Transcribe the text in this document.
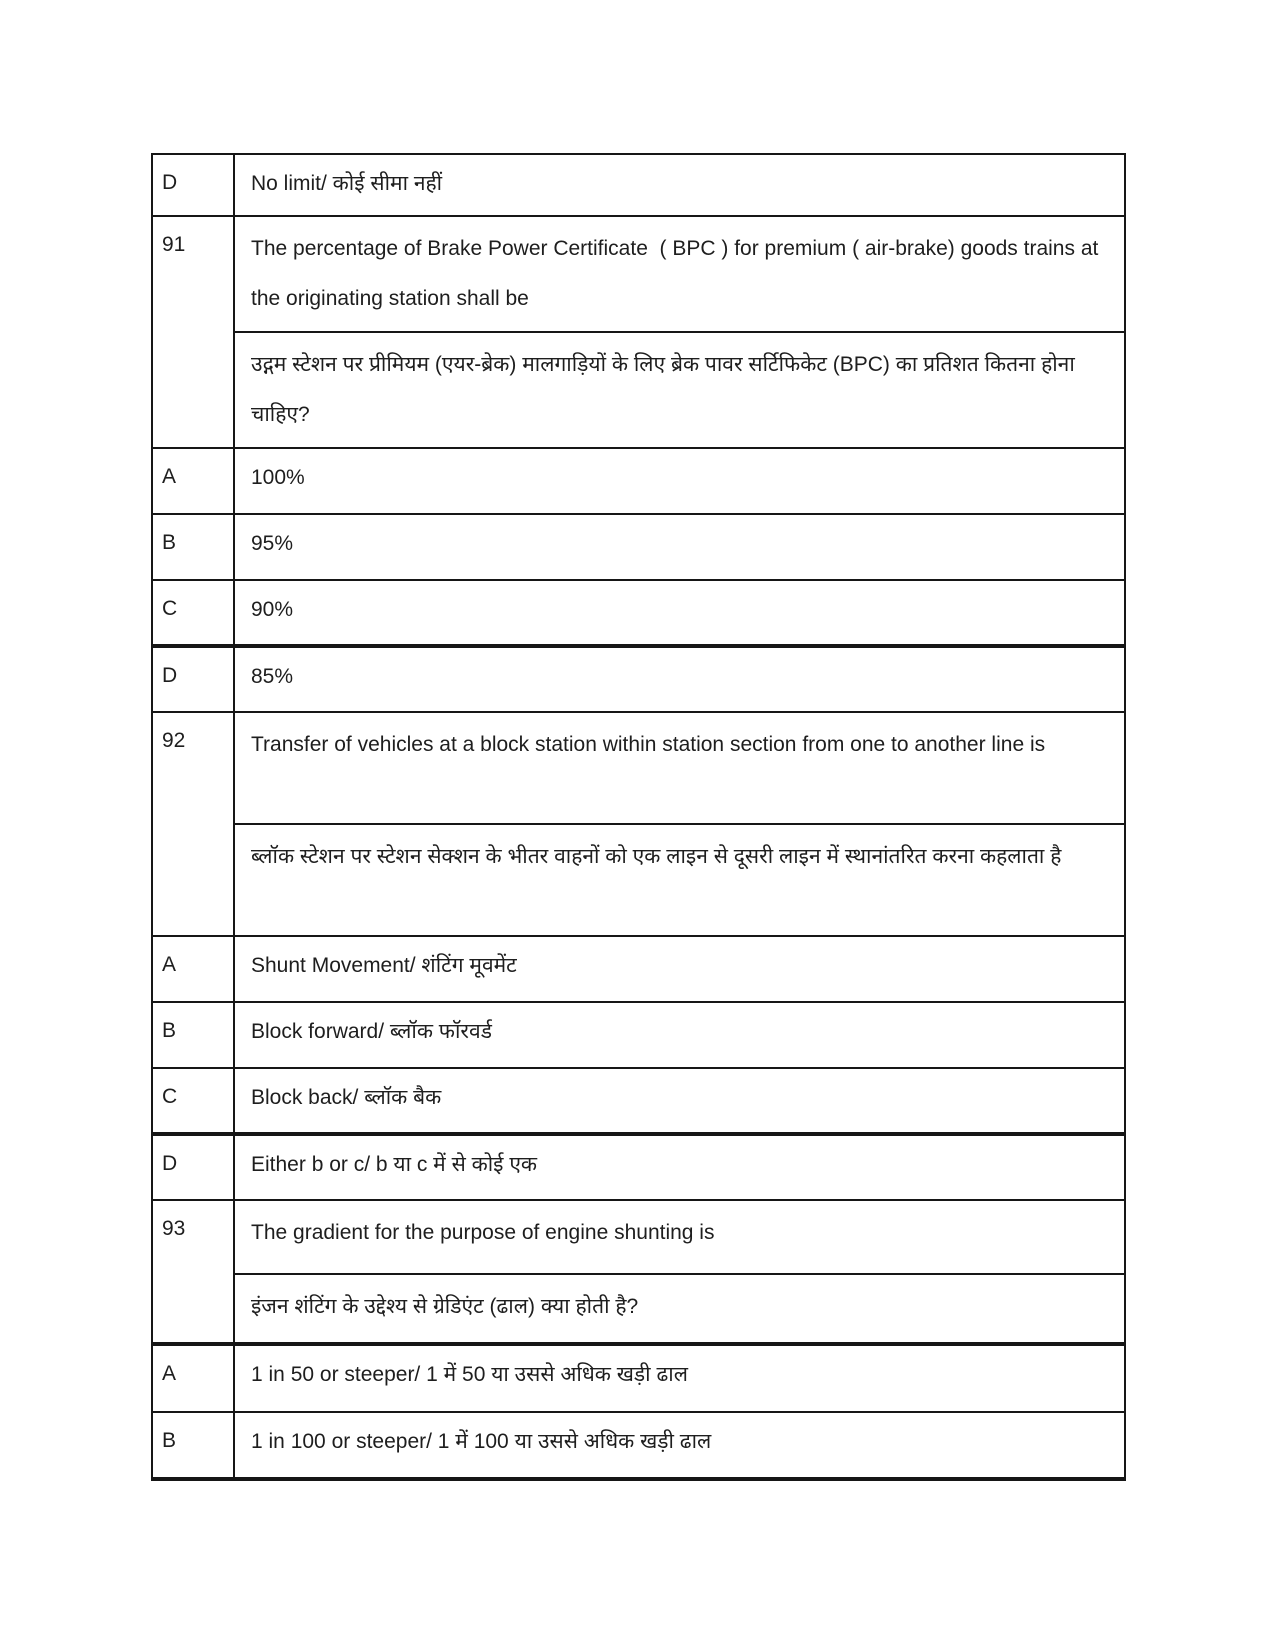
D	No limit/ कोई सीमा नहीं
91	The percentage of Brake Power Certificate  ( BPC ) for premium ( air-brake) goods trains at the originating station shall be
	उद्गम स्टेशन पर प्रीमियम (एयर-ब्रेक) मालगाड़ियों के लिए ब्रेक पावर सर्टिफिकेट (BPC) का प्रतिशत कितना होना चाहिए?
A	100%
B	95%
C	90%
D	85%
92	Transfer of vehicles at a block station within station section from one to another line is
	ब्लॉक स्टेशन पर स्टेशन सेक्शन के भीतर वाहनों को एक लाइन से दूसरी लाइन में स्थानांतरित करना कहलाता है
A	Shunt Movement/ शंटिंग मूवमेंट
B	Block forward/ ब्लॉक फॉरवर्ड
C	Block back/ ब्लॉक बैक
D	Either b or c/ b या c में से कोई एक
93	The gradient for the purpose of engine shunting is
	इंजन शंटिंग के उद्देश्य से ग्रेडिएंट (ढाल) क्या होती है?
A	1 in 50 or steeper/ 1 में 50 या उससे अधिक खड़ी ढाल
B	1 in 100 or steeper/ 1 में 100 या उससे अधिक खड़ी ढाल
